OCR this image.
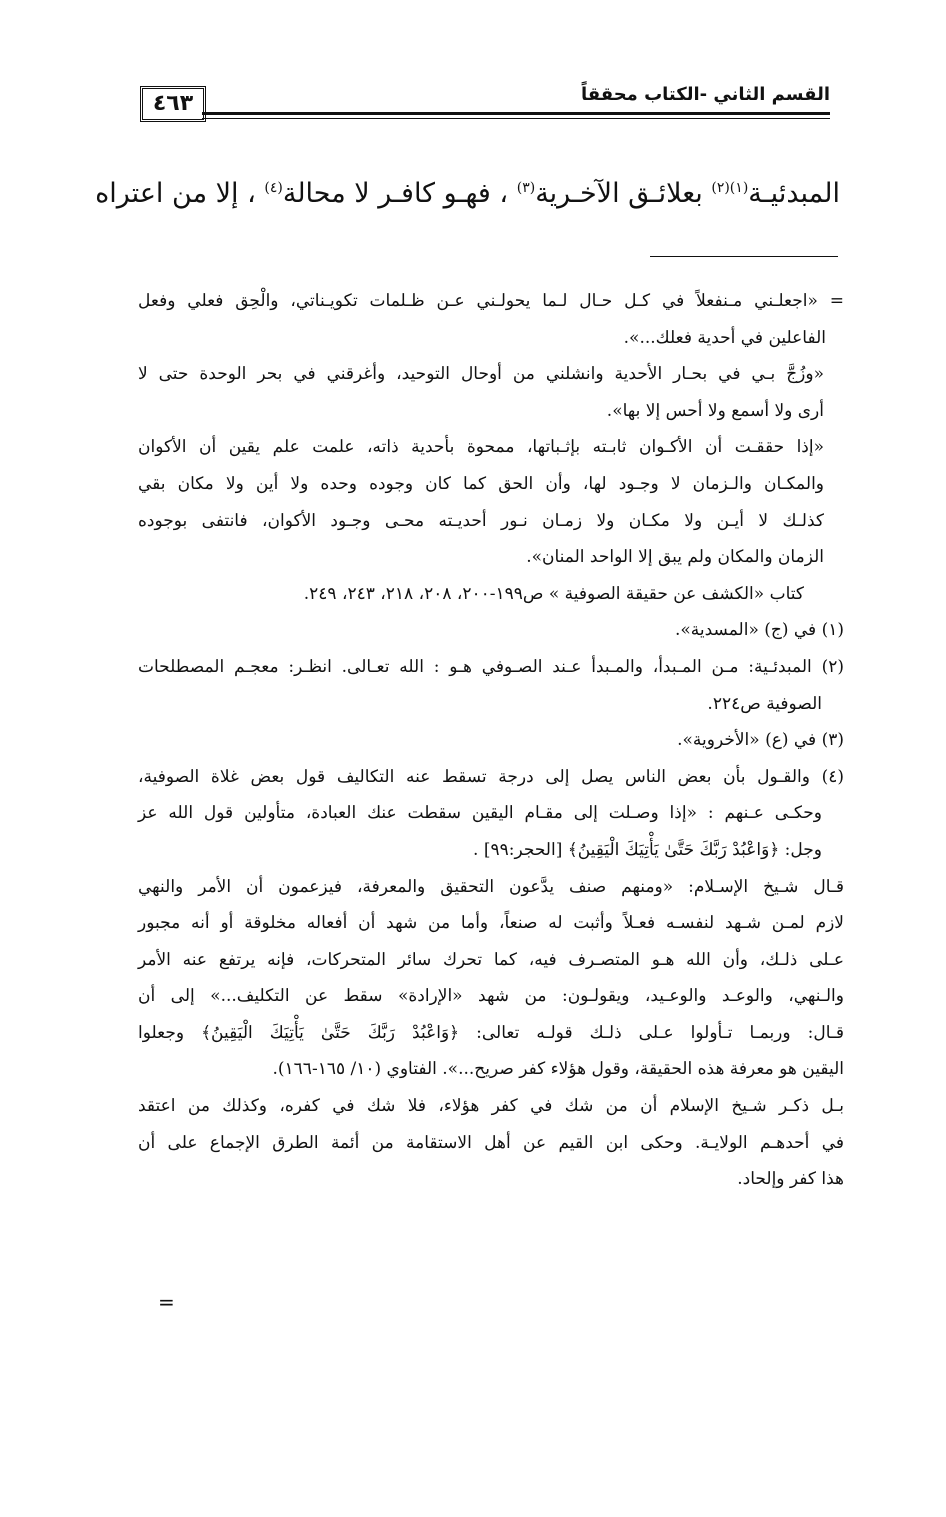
القسم الثاني -الكتاب محققاً
٤٦٣
المبدئيـة$^{(١)(٢)}$ بعلائـق الآخـرية$^{(٣)}$ ، فهـو كافـر لا محالة$^{(٤)}$ ، إلا من اعتراه
= «اجعلـني مـنفعلاً في كـل حـال لـما يحولـني عـن ظـلمات تكويـناتي، والْحِق فعلي وفعل
الفاعلين في أحدية فعلك...».
«وزُجَّ بـي في بحـار الأحدية وانشلني من أوحال التوحيد، وأغرقني في بحر الوحدة حتى لا
أرى ولا أسمع ولا أحس إلا بها».
«إذا حققـت أن الأكـوان ثابـته بإثـباتها، ممحوة بأحدية ذاته، علمت علم يقين أن الأكوان
والمكـان والـزمان لا وجـود لها، وأن الحق كما كان وجوده وحده ولا أين ولا مكان بقي
كذلـك لا أيـن ولا مكـان ولا زمـان نـور أحديـته محـى وجـود الأكوان، فانتفى بوجوده
الزمان والمكان ولم يبق إلا الواحد المنان».
كتاب «الكشف عن حقيقة الصوفية » ص١٩٩-٢٠٠، ٢٠٨، ٢١٨، ٢٤٣، ٢٤٩.
(١) في (ج) «المسدية».
(٢) المبدئـية: مـن المـبدأ، والمـبدأ عـند الصـوفي هـو : الله تعـالى. انظـر: معجـم المصطلحات
الصوفية ص٢٢٤.
(٣) في (ع) «الأخروية».
(٤) والقـول بأن بعض الناس يصل إلى درجة تسقط عنه التكاليف قول بعض غلاة الصوفية،
وحكـى عـنهم : «إذا وصـلت إلى مقـام اليقين سقطت عنك العبادة، متأولين قول الله عز
وجل: ﴿وَاعْبُدْ رَبَّكَ حَتَّىٰ يَأْتِيَكَ الْيَقِينُ﴾ [الحجر:٩٩] .
قـال شـيخ الإسـلام: «ومنهم صنف يدَّعون التحقيق والمعرفة، فيزعمون أن الأمر والنهي
لازم لمـن شـهد لنفسـه فعـلاً وأثبت له صنعاً، وأما من شهد أن أفعاله مخلوقة أو أنه مجبور
عـلى ذلـك، وأن الله هـو المتصـرف فيه، كما تحرك سائر المتحركات، فإنه يرتفع عنه الأمر
والـنهي، والوعـد والوعـيد، ويقولـون: من شهد «الإرادة» سقط عن التكليف...» إلى أن
قـال: وربمـا تـأولوا عـلى ذلـك قولـه تعالى: ﴿وَاعْبُدْ رَبَّكَ حَتَّىٰ يَأْتِيَكَ الْيَقِينُ﴾ وجعلوا
اليقين هو معرفة هذه الحقيقة، وقول هؤلاء كفر صريح...». الفتاوي (١٠/ ١٦٥-١٦٦).
بـل ذكـر شـيخ الإسلام أن من شك في كفر هؤلاء، فلا شك في كفره، وكذلك من اعتقد
في أحدهـم الولايـة. وحكى ابن القيم عن أهل الاستقامة من أئمة الطرق الإجماع على أن
هذا كفر وإلحاد.
=
